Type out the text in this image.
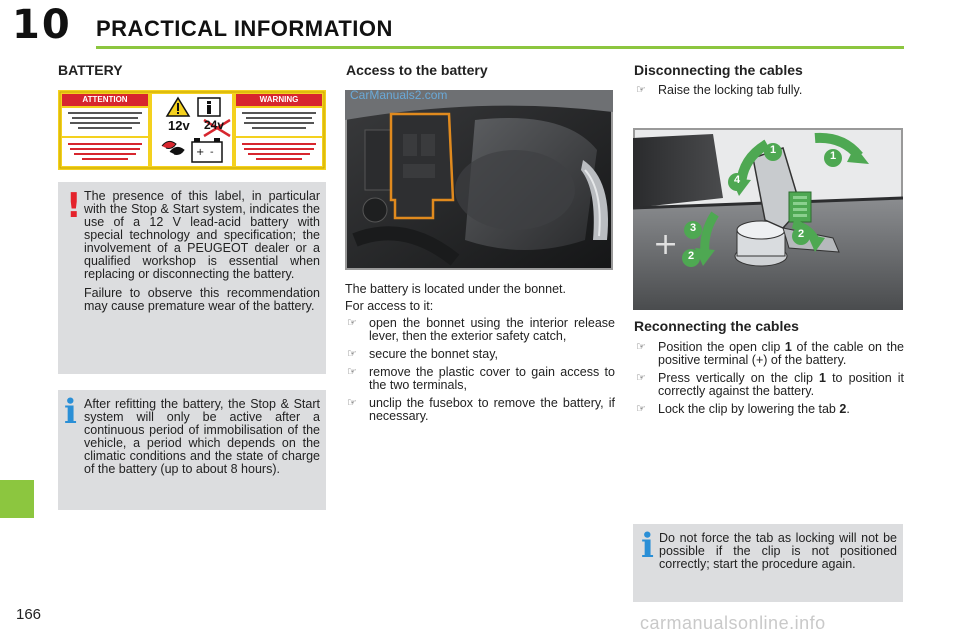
10 PRACTICAL INFORMATION
BATTERY
+ -
ATTENTION	WARNING
12v 24v
! The presence of this label, in particular with the Stop & Start system, indicates the use of a 12 V lead-acid battery with special technology and specification; the involvement of a PEUGEOT dealer or a qualified workshop is essential when replacing or disconnecting the battery.

Failure to observe this recommendation may cause premature wear of the battery.

i After refitting the battery, the Stop & Start system will only be active after a continuous period of immobilisation of the vehicle, a period which depends on the climatic conditions and the state of charge of the battery (up to about 8 hours).

Access to the battery

The battery is located under the bonnet.

For access to it:

☞ open the bonnet using the interior release lever, then the exterior safety catch,
☞ secure the bonnet stay,
☞ remove the plastic cover to gain access to the two terminals,
☞ unclip the fusebox to remove the battery, if necessary.
Disconnecting the cables
☞ Raise the locking tab fully.
+
1	1
2
2
3
4
Reconnecting the cables
☞ Position the open clip 1 of the cable on the positive terminal (+) of the battery.
☞ Press vertically on the clip 1 to position it correctly against the battery.
☞ Lock the clip by lowering the tab 2.
i Do not force the tab as locking will not be possible if the clip is not positioned correctly; start the procedure again.

166	carmanualsonline.info
CarManuals2.com
